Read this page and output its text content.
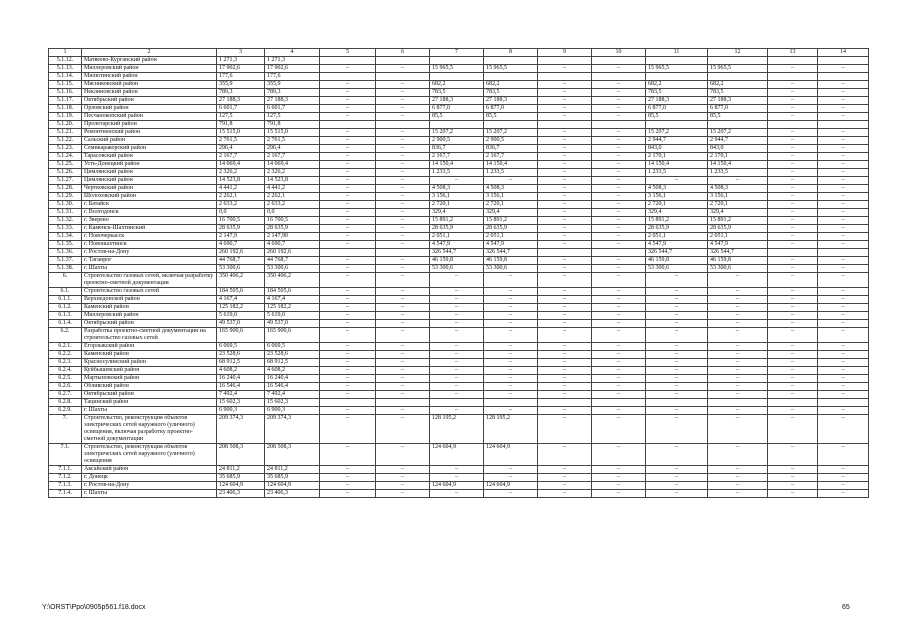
1	2	3	4	5	6	7	8	9	10	11	12	13	14
5.1.12.	Матвеево-Курганский район	1 271,3	1 271,3										
5.1.13.	Миллеровский район	17 902,6	17 902,6	–	–	15 965,5	15 965,5	–	–	15 965,5	15 965,5	–	–
5.1.14.	Милютинский район	177,6	177,6										
5.1.15.	Мясниковский район	355,9	355,9	–	–	682,2	682,2	–	–	682,2	682,2	–	–
5.1.16.	Неклиновский район	789,3	789,3	–	–	783,5	783,5	–	–	783,5	783,5	–	–
5.1.17.	Октябрьский район	27 188,3	27 188,3	–	–	27 188,3	27 188,3	–	–	27 188,3	27 188,3	–	–
5.1.18.	Орловский район	6 601,7	6 601,7	–	–	6 877,0	6 877,0	–	–	6 877,0	6 877,0	–	–
5.1.19.	Песчанокопский район	127,5	127,5	–	–	85,5	85,5	–	–	85,5	85,5	–	–
5.1.20.	Пролетарский район	791,8	791,8										
5.1.21.	Ремонтненский район	15 515,0	15 515,0	–	–	15 207,2	15 207,2	–	–	15 207,2	15 207,2	–	–
5.1.22.	Сальский район	2 761,5	2 761,5	–	–	2 900,5	2 900,5	–	–	2 944,7	2 944,7	–	–
5.1.23.	Семикаракорский район	296,4	296,4	–	–	836,7	836,7	–	–	843,0	843,0	–	–
5.1.24.	Тарасовский район	2 167,7	2 167,7	–	–	2 167,7	2 167,7	–	–	2 170,1	2 170,1	–	–
5.1.25.	Усть-Донецкий район	14 069,4	14 069,4	–	–	14 150,4	14 150,4	–	–	14 150,4	14 150,4	–	–
5.1.26.	Цимлянский район	2 326,2	2 326,2	–	–	1 233,5	1 233,5	–	–	1 233,5	1 233,5	–	–
5.1.27.	Цимлянский район	14 523,8	14 523,8	–	–	–	–	–	–	–	–	–	–
5.1.28.	Чертковский район	4 441,2	4 441,2	–	–	4 508,3	4 508,3	–	–	4 508,3	4 508,3	–	–
5.1.29.	Шолоховский район	2 262,1	2 262,1	–	–	3 156,1	3 156,1	–	–	3 156,1	3 156,1	–	–
5.1.30.	г. Батайск	2 633,2	2 633,2	–	–	2 720,1	2 720,1	–	–	2 720,1	2 720,1	–	–
5.1.31.	г. Волгодонск	0,0	0,0	–	–	329,4	329,4	–	–	329,4	329,4	–	–
5.1.32.	г. Зверево	16 700,5	16 700,5	–	–	15 891,2	15 891,2	–	–	15 891,2	15 891,2	–	–
5.1.33.	г. Каменск-Шахтинский	28 635,9	28 635,9	–	–	28 635,9	28 635,9	–	–	28 635,9	28 635,9	–	–
5.1.34.	г. Новочеркасск	2 147,9	2 147,90	–	–	2 051,1	2 051,1	–	–	2 051,1	2 051,1	–	–
5.1.35.	г. Новошахтинск	4 690,7	4 690,7	–	–	4 547,9	4 547,9	–	–	4 547,9	4 547,9	–	–
5.1.36.	г. Ростов-на-Дону	260 192,6	260 192,6			326 544,7	326 544,7			326 544,7	326 544,7		
5.1.37.	г. Таганрог	44 768,7	44 768,7	–	–	46 159,8	46 159,8	–	–	46 159,8	46 159,8	–	–
5.1.38.	г. Шахты	53 300,6	53 300,6	–	–	53 300,6	53 300,6	–	–	53 300,6	53 300,6	–	–
6.	Строительство газовых сетей, включая разработку проектно-сметной документации	350 406,2	350 406,2	–	–	–	–	–	–	–	–	–	–
6.1.	Строительство газовых сетей	184 505,6	184 505,6	–	–	–	–	–	–	–	–	–	–
6.1.1.	Верхнедонской район	4 167,4	4 167,4	–	–	–	–	–	–	–	–	–	–
6.1.2.	Каменский район	125 182,2	125 182,2	–	–	–	–	–	–	–	–	–	–
6.1.3.	Миллеровский район	5 619,0	5 619,0	–	–	–	–	–	–	–	–	–	–
6.1.4.	Октябрьский район	49 537,0	49 537,0	–	–	–	–	–	–	–	–	–	–
6.2.	Разработка проектно-сметной документации на строительство газовых сетей	165 900,6	165 900,6	–	–	–	–	–	–	–	–	–	–
6.2.1.	Егорлыкский район	6 069,5	6 069,5	–	–	–	–	–	–	–	–	–	–
6.2.2.	Каменский район	23 528,6	23 528,6	–	–	–	–	–	–	–	–	–	–
6.2.3.	Красносулинский район	68 912,5	68 912,5	–	–	–	–	–	–	–	–	–	–
6.2.4.	Куйбышевский район	4 608,2	4 608,2	–	–	–	–	–	–	–	–	–	–
6.2.5.	Мартыновский район	16 240,4	16 240,4	–	–	–	–	–	–	–	–	–	–
6.2.6.	Обливский район	16 546,4	16 546,4	–	–	–	–	–	–	–	–	–	–
6.2.7.	Октябрьский район	7 492,4	7 492,4	–	–	–	–	–	–	–	–	–	–
6.2.8.	Тацинский район	15 602,3	15 602,3										
6.2.9.	г. Шахты	6 900,3	6 900,3	–	–	–	–	–	–	–	–	–	–
7.	Строительство, реконструкция объектов электрических сетей наружного (уличного) освещения, включая разработку проектно-сметной документации	209 374,3	209 374,3	–	–	128 195,2	128 195,2	–	–	–	–	–	–
7.1.	Строительство, реконструкция объектов электрических сетей наружного (уличного) освещения	208 508,3	208 508,3	–	–	124 604,9	124 604,9	–	–	–	–	–	–
7.1.1.	Аксайский район	24 811,2	24 811,2	–	–	–	–	–	–	–	–	–	–
7.1.2.	г. Донецк	35 685,9	35 685,9	–	–	–	–	–	–	–	–	–	–
7.1.3.	г. Ростов-на-Дону	124 604,9	124 604,9	–	–	124 604,9	124 604,9	–	–	–	–	–	–
7.1.4.	г. Шахты	23 406,3	23 406,3	–	–	–	–	–	–	–	–	–	–
Y:\ORST\Ppo\0905p561.f18.docx	65
